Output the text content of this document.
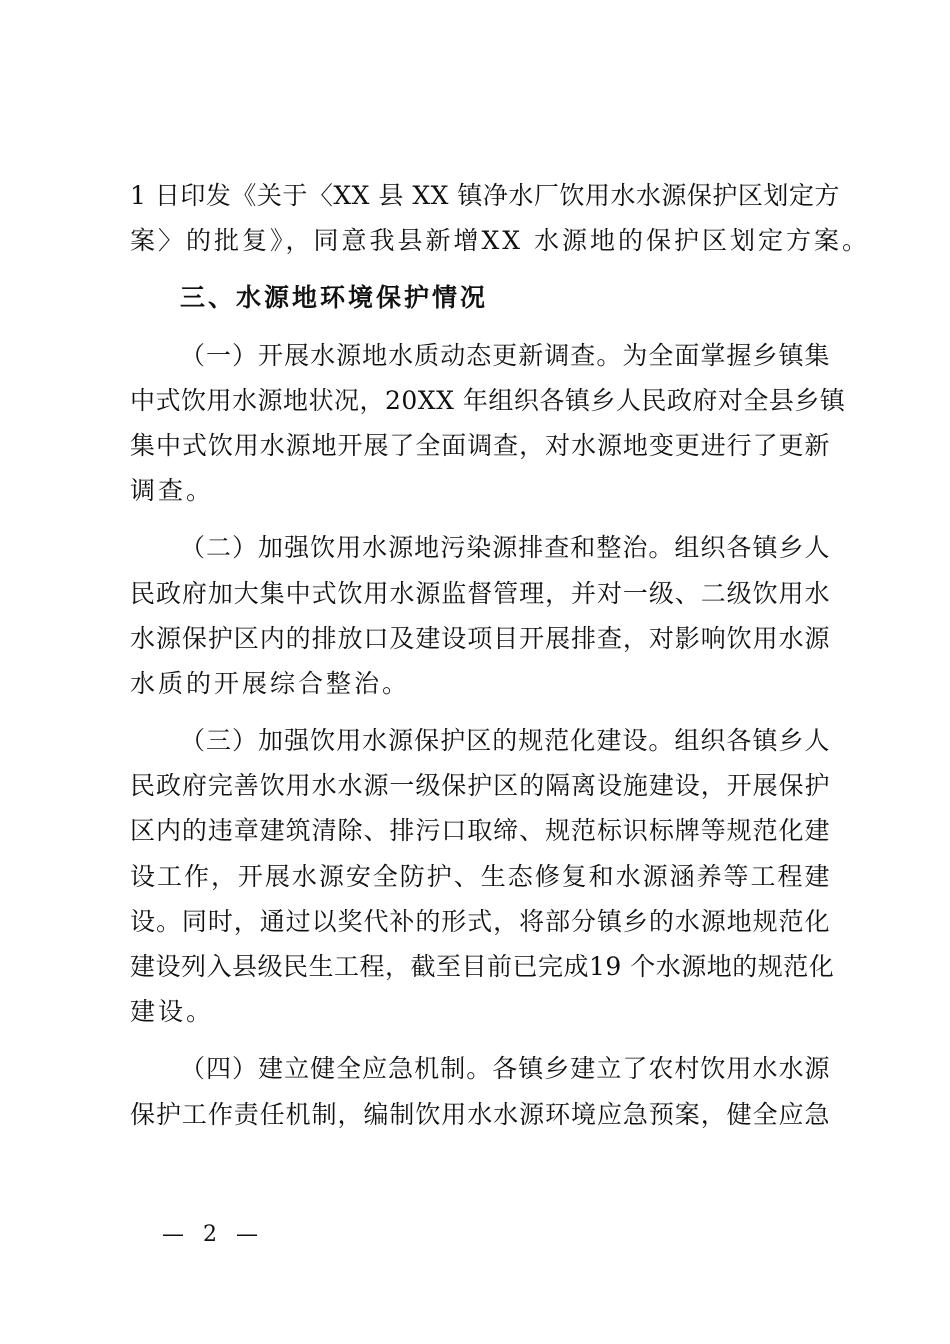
1 日印发《关于〈XX 县 XX 镇净水厂饮用水水源保护区划定方
案〉的批复》，同意我县新增XX 水源地的保护区划定方案。
三、水源地环境保护情况
（一）开展水源地水质动态更新调查。为全面掌握乡镇集
中式饮用水源地状况，20XX 年组织各镇乡人民政府对全县乡镇
集中式饮用水源地开展了全面调查，对水源地变更进行了更新
调查。
（二）加强饮用水源地污染源排查和整治。组织各镇乡人
民政府加大集中式饮用水源监督管理，并对一级、二级饮用水
水源保护区内的排放口及建设项目开展排查，对影响饮用水源
水质的开展综合整治。
（三）加强饮用水源保护区的规范化建设。组织各镇乡人
民政府完善饮用水水源一级保护区的隔离设施建设，开展保护
区内的违章建筑清除、排污口取缔、规范标识标牌等规范化建
设工作，开展水源安全防护、生态修复和水源涵养等工程建
设。同时，通过以奖代补的形式，将部分镇乡的水源地规范化
建设列入县级民生工程，截至目前已完成19 个水源地的规范化
建设。
（四）建立健全应急机制。各镇乡建立了农村饮用水水源
保护工作责任机制，编制饮用水水源环境应急预案，健全应急
— 2 —
